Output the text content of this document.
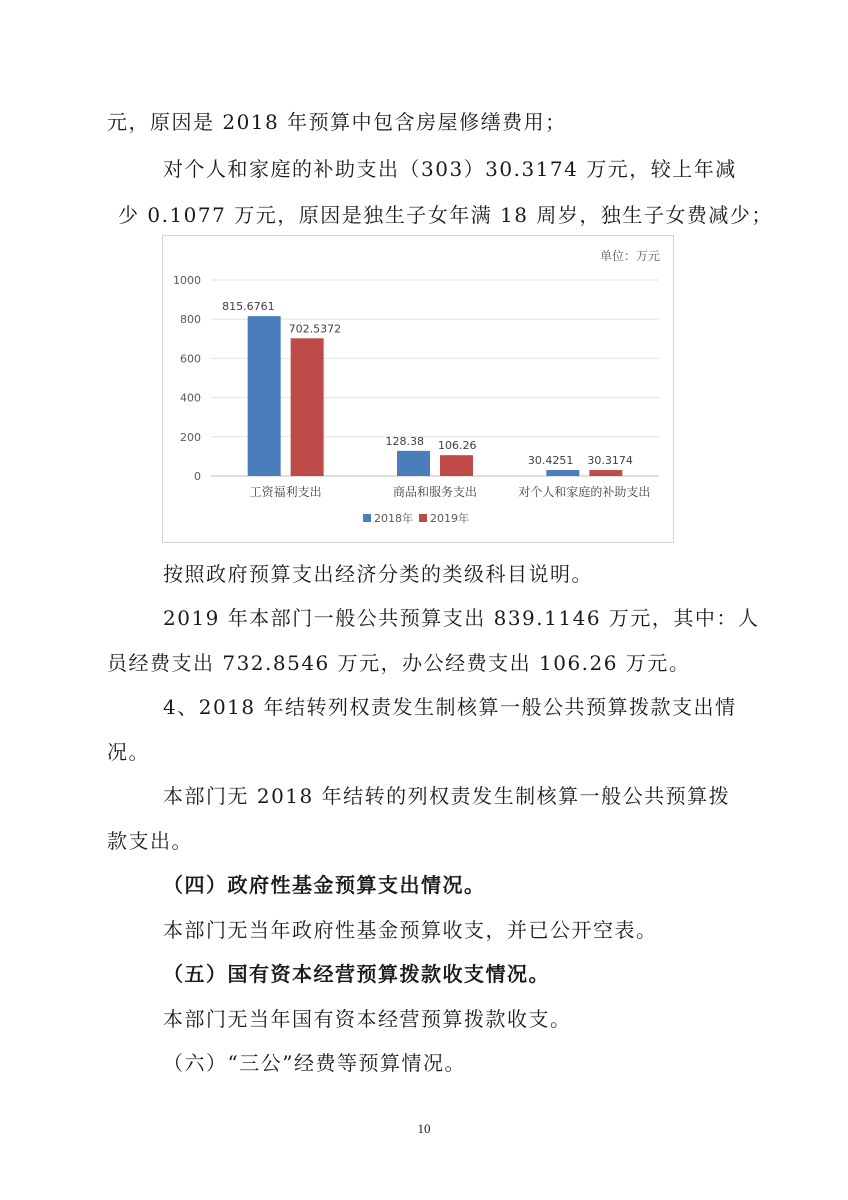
元，原因是 2018 年预算中包含房屋修缮费用；
对个人和家庭的补助支出（303）30.3174 万元，较上年减
少 0.1077 万元，原因是独生子女年满 18 周岁，独生子女费减少；
单位：万元
0
200
400
600
800
1000
815.6761
702.5372
工资福利支出
128.38 106.26
商品和服务支出
30.4251 30.3174
对个人和家庭的补助支出
2018年 2019年
按照政府预算支出经济分类的类级科目说明。
2019 年本部门一般公共预算支出 839.1146 万元，其中：人
员经费支出 732.8546 万元，办公经费支出 106.26 万元。
4、2018 年结转列权责发生制核算一般公共预算拨款支出情
况。
本部门无 2018 年结转的列权责发生制核算一般公共预算拨
款支出。
（四）政府性基金预算支出情况。
本部门无当年政府性基金预算收支，并已公开空表。
（五）国有资本经营预算拨款收支情况。
本部门无当年国有资本经营预算拨款收支。
（六）“三公”经费等预算情况。
10
